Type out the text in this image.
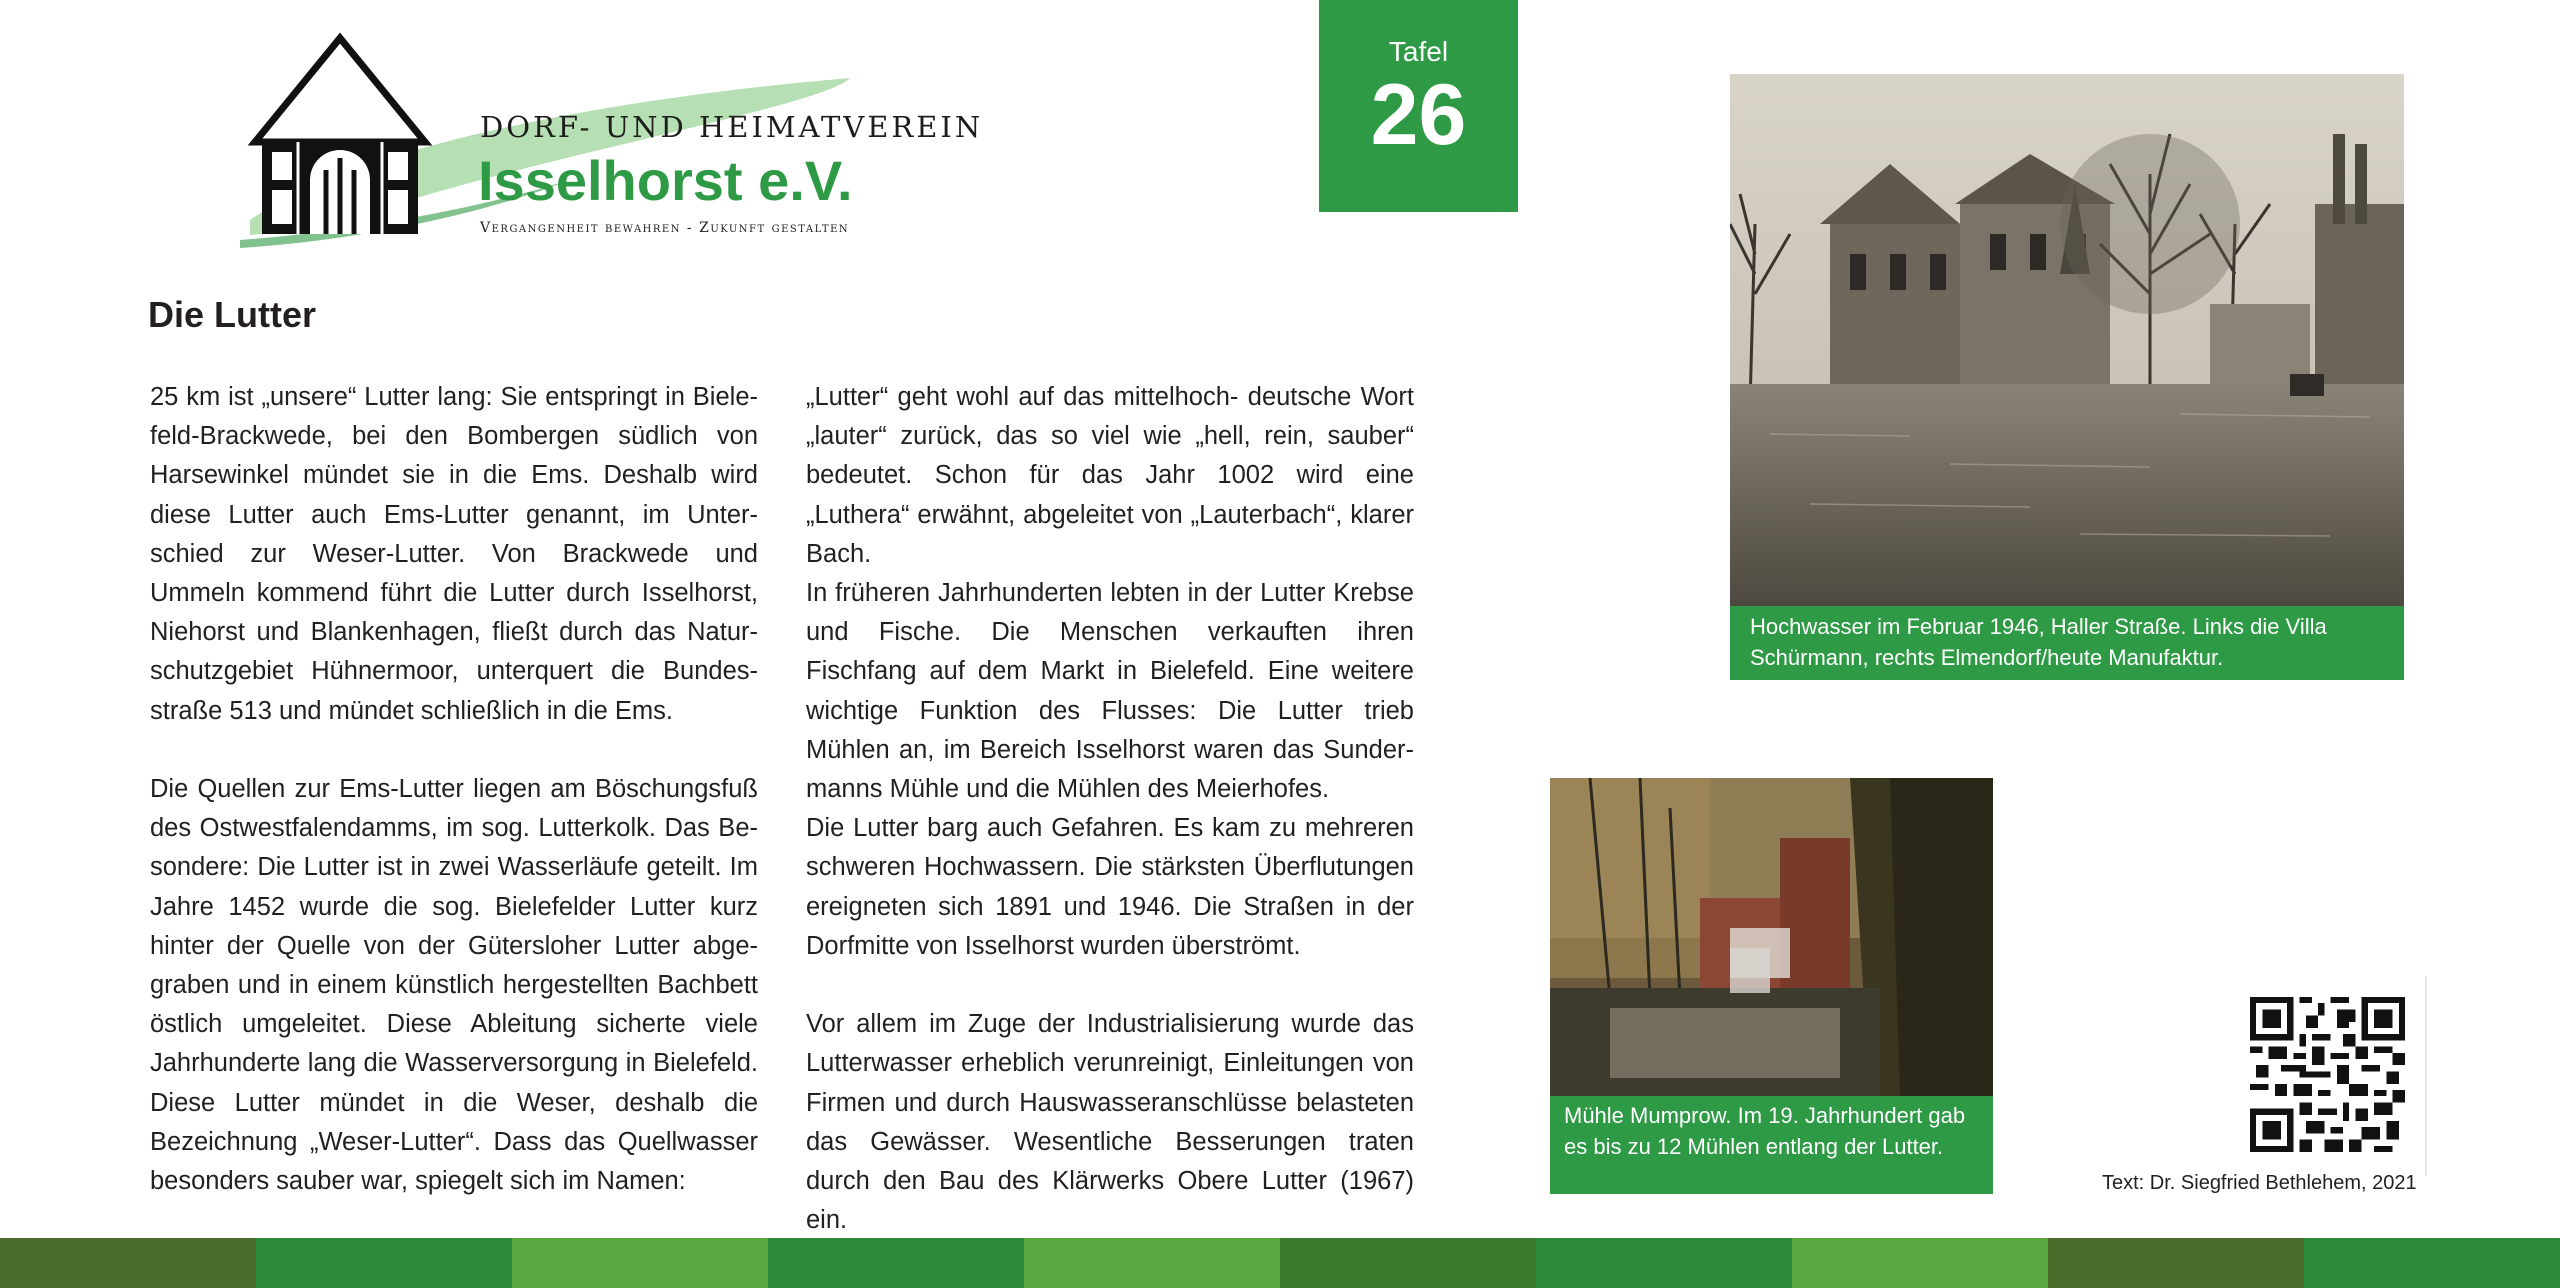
DORF- UND HEIMATVEREIN
Isselhorst e.V.
Vergangenheit bewahren - Zukunft gestalten
Tafel
26
Die Lutter

25 km ist „unsere“ Lutter lang: Sie entspringt in Bielefeld-Brackwede, bei den Bombergen südlich von Harsewinkel mündet sie in die Ems. Deshalb wird diese Lutter auch Ems-Lutter genannt, im Unterschied zur Weser-Lutter. Von Brackwede und Ummeln kommend führt die Lutter durch Isselhorst, Niehorst und Blankenhagen, fließt durch das Naturschutzgebiet Hühnermoor, unterquert die Bundesstraße 513 und mündet schließlich in die Ems.

Die Quellen zur Ems-Lutter liegen am Böschungsfuß des Ostwestfalendamms, im sog. Lutterkolk. Das Besondere: Die Lutter ist in zwei Wasserläufe geteilt. Im Jahre 1452 wurde die sog. Bielefelder Lutter kurz hinter der Quelle von der Gütersloher Lutter abgegraben und in einem künstlich hergestellten Bachbett östlich umgeleitet. Diese Ableitung sicherte viele Jahrhunderte lang die Wasserversorgung in Bielefeld. Diese Lutter mündet in die Weser, deshalb die Bezeichnung „Weser-Lutter“. Dass das Quellwasser besonders sauber war, spiegelt sich im Namen:

„Lutter“ geht wohl auf das mittelhoch- deutsche Wort „lauter“ zurück, das so viel wie „hell, rein, sauber“ bedeutet. Schon für das Jahr 1002 wird eine „Luthera“ erwähnt, abgeleitet von „Lauterbach“, klarer Bach.

In früheren Jahrhunderten lebten in der Lutter Krebse und Fische. Die Menschen verkauften ihren Fischfang auf dem Markt in Bielefeld. Eine weitere wichtige Funktion des Flusses: Die Lutter trieb Mühlen an, im Bereich Isselhorst waren das Sundermanns Mühle und die Mühlen des Meierhofes.

Die Lutter barg auch Gefahren. Es kam zu mehreren schweren Hochwassern. Die stärksten Überflutungen ereigneten sich 1891 und 1946. Die Straßen in der Dorfmitte von Isselhorst wurden überströmt.

Vor allem im Zuge der Industrialisierung wurde das Lutterwasser erheblich verunreinigt, Einleitungen von Firmen und durch Hauswasseranschlüsse belasteten das Gewässer. Wesentliche Besserungen traten durch den Bau des Klärwerks Obere Lutter (1967) ein.

Hochwasser im Februar 1946, Haller Straße. Links die Villa Schürmann, rechts Elmendorf/heute Manufaktur.
Mühle Mumprow. Im 19. Jahrhundert gab es bis zu 12 Mühlen entlang der Lutter.
Text: Dr. Siegfried Bethlehem, 2021
